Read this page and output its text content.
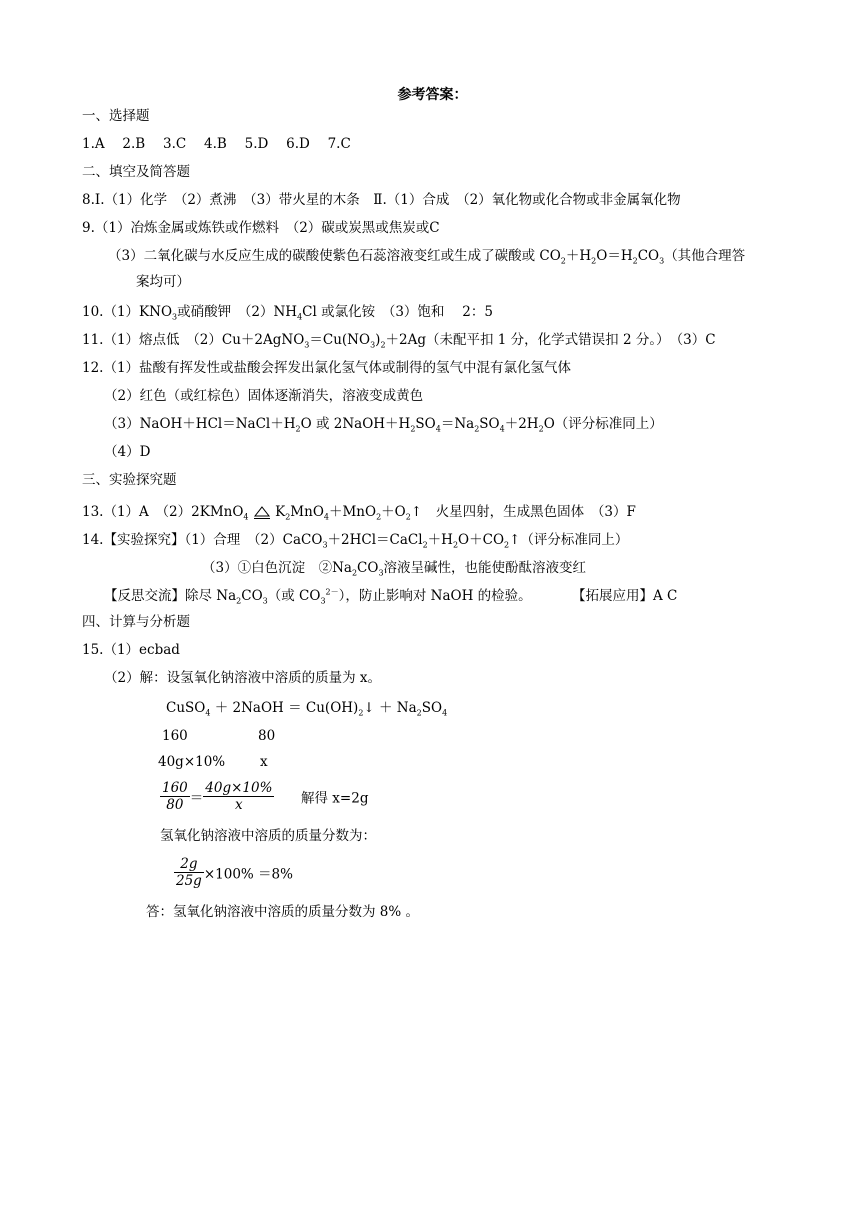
参考答案：
一、选择题
1.A　 2.B　 3.C　 4.B　 5.D　 6.D　 7.C
二、填空及简答题
8.Ⅰ.（1）化学　（2）煮沸　（3）带火星的木条　Ⅱ.（1）合成　（2）氧化物或化合物或非金属氧化物
9.（1）冶炼金属或炼铁或作燃料　（2）碳或炭黑或焦炭或C
（3）二氧化碳与水反应生成的碳酸使紫色石蕊溶液变红或生成了碳酸或 $CO_2+H_2O=H_2CO_3$（其他合理答
案均可）
$10.(1)KNO_3$或硝酸钾　$(2)NH_4Cl$ 或氯化铵　（3）饱和　 2：5
11.（1）熔点低　$(2)Cu+2AgNO_3=Cu(NO_3)_2+2Ag$（未配平扣 1 分，化学式错误扣 2 分。）　（3）C
12.（1）盐酸有挥发性或盐酸会挥发出氯化氢气体或制得的氢气中混有氯化氢气体
（2）红色（或红棕色）固体逐渐消失，溶液变成黄色
$(3)NaOH+HCl=NaCl+H_2O$ 或 $2NaOH+H_2SO_4=Na_2SO_4+2H_2O$（评分标准同上）
（4）D
三、实验探究题
13.（1）A　（2）2KMnO$_4$ $K_2MnO_4+MnO_2+O_2↑$　火星四射，生成黑色固体　（3）F
14.【实验探究】（1）合理　$(2)CaCO_3+2HCl=CaCl_2+H_2O+CO_2↑$（评分标准同上）
（3）①白色沉淀　$②Na_2CO_3$溶液呈碱性，也能使酚酞溶液变红
【反思交流】除尽 $Na_2CO_3$（或 $CO_3^{2-}$），防止影响对 NaOH 的检验。	【拓展应用】A C
四、计算与分析题
15.（1）ecbad
（2）解：设氢氧化钠溶液中溶质的质量为 x。
CuSO$_4$ ＋ 2NaOH ＝ $Cu(OH)_2↓ + Na_2SO_4$
160	80
40g×10%	x
$\frac{160}{80} = \frac{40g\times 10\%}{x}$ 解得 x=2g
氢氧化钠溶液中溶质的质量分数为：
$\frac{2g}{25g} \times 100\% =8\%$
答：氢氧化钠溶液中溶质的质量分数为 8% 。
